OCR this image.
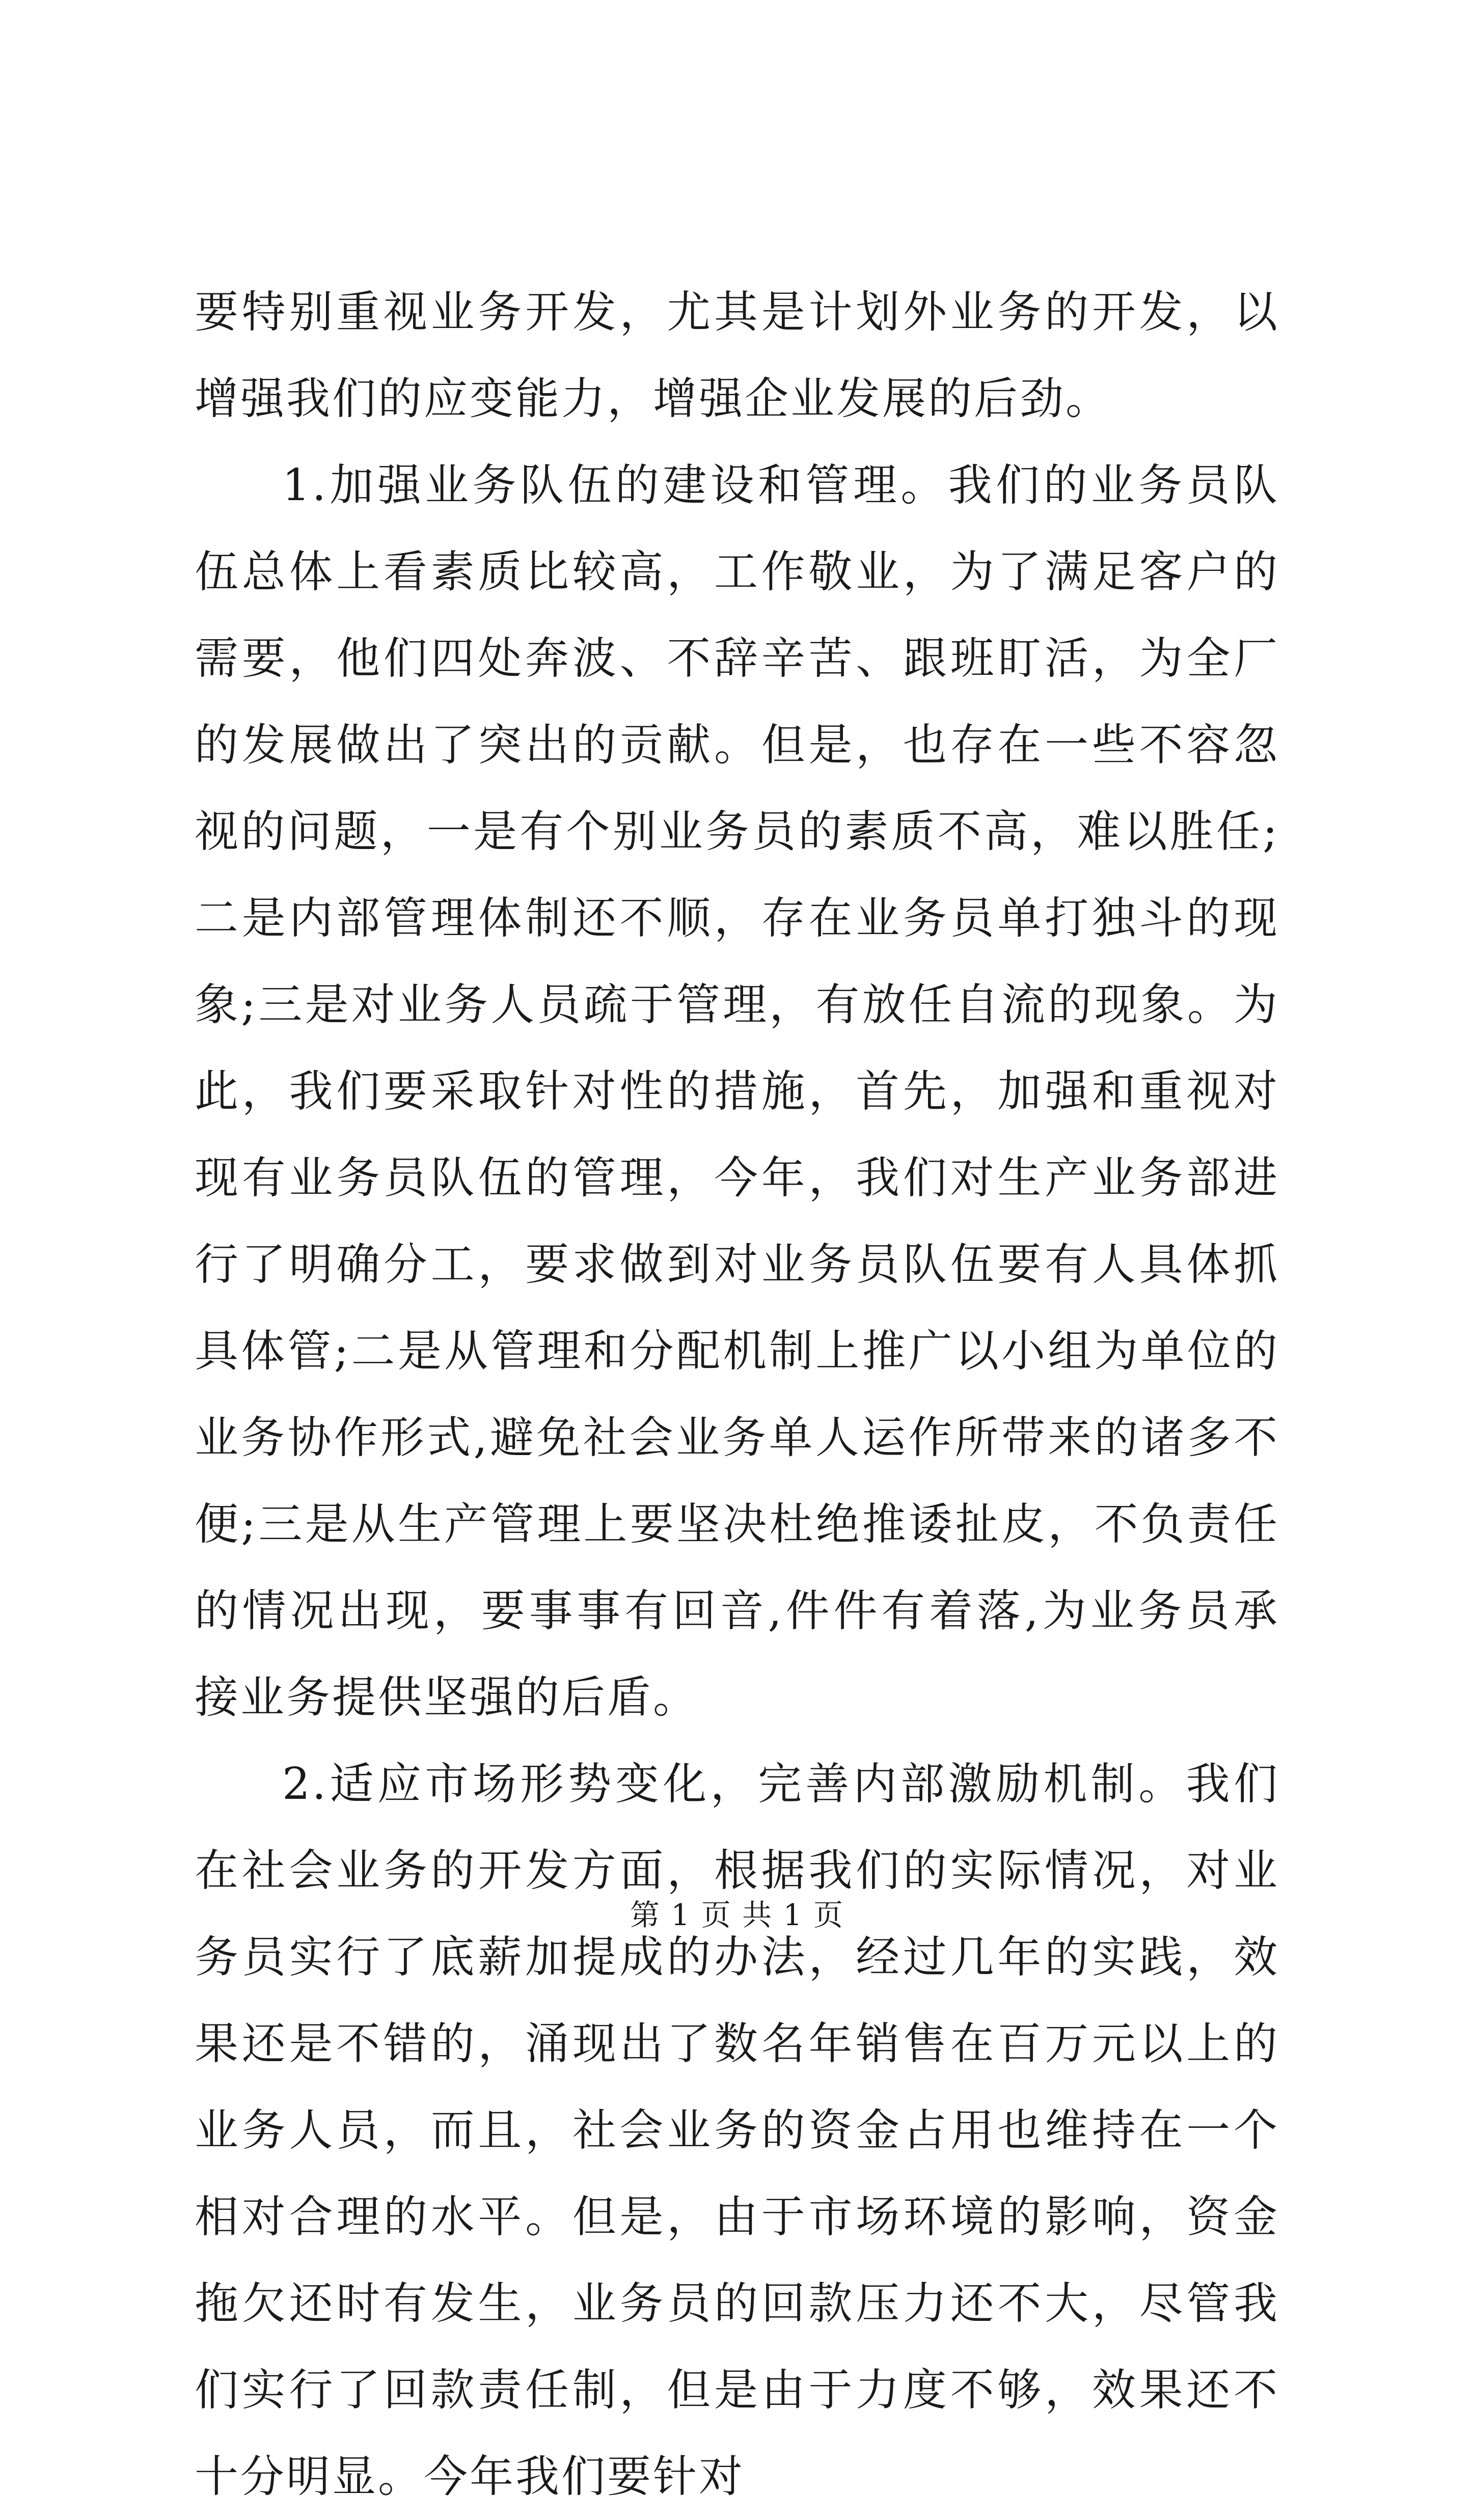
要特别重视业务开发，尤其是计划外业务的开发，以增强我们的应变能力，增强企业发展的后劲。

1.加强业务队伍的建设和管理。我们的业务员队伍总体上看素质比较高，工作敬业，为了满足客户的需要，他们四处奔波、不辞辛苦、跟班盯活，为全厂的发展做出了突出的贡献。但是，也存在一些不容忽视的问题，一是有个别业务员的素质不高，难以胜任;二是内部管理体制还不顺，存在业务员单打独斗的现象;三是对业务人员疏于管理，有放任自流的现象。为此，我们要采取针对性的措施，首先，加强和重视对现有业务员队伍的管理，今年，我们对生产业务部进行了明确分工，要求做到对业务员队伍要有人具体抓具体管;二是从管理和分配机制上推广以小组为单位的业务协作形式,避免社会业务单人运作所带来的诸多不便;三是从生产管理上要坚决杜绝推诿扯皮，不负责任的情况出现，要事事有回音,件件有着落,为业务员承接业务提供坚强的后盾。

2.适应市场形势变化，完善内部激励机制。我们在社会业务的开发方面，根据我们的实际情况，对业务员实行了底薪加提成的办法，经过几年的实践，效果还是不错的，涌现出了数名年销售在百万元以上的业务人员，而且，社会业务的资金占用也维持在一个相对合理的水平。但是，由于市场环境的影响，资金拖欠还时有发生，业务员的回款压力还不大，尽管我们实行了回款责任制，但是由于力度不够，效果还不十分明显。今年我们要针对

第 1 页 共 1 页
